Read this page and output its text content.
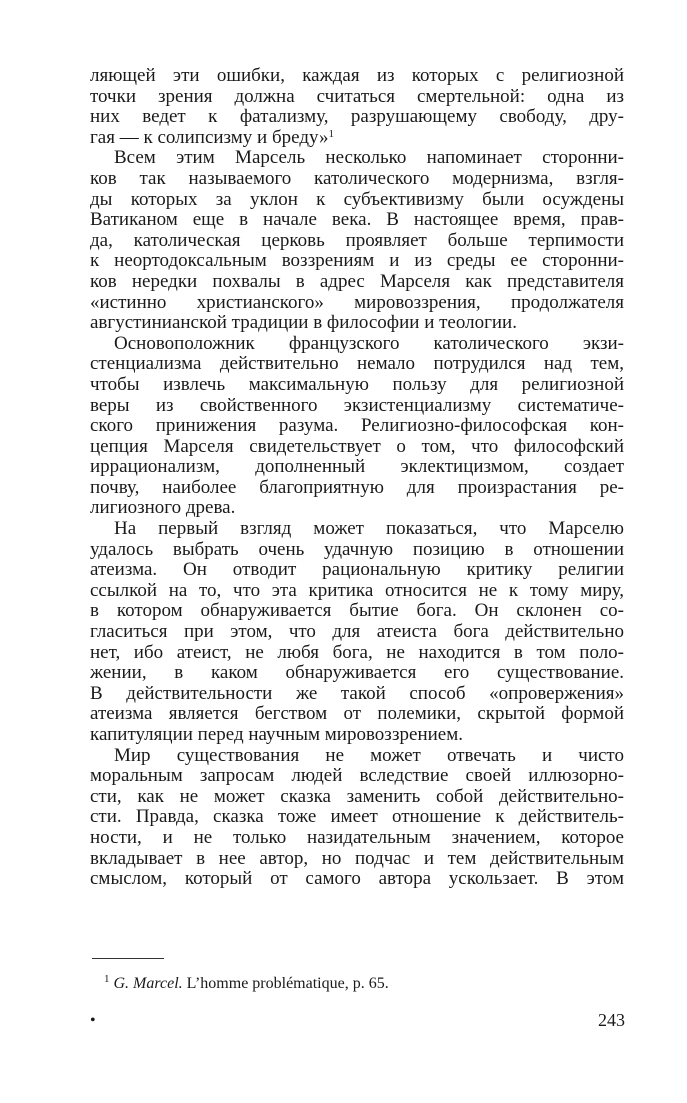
ляющей эти ошибки, каждая из которых с религиозной
точки зрения должна считаться смертельной: одна из
них ведет к фатализму, разрушающему свободу, дру-
гая — к солипсизму и бреду»$^1$
Всем этим Марсель несколько напоминает сторонни-
ков так называемого католического модернизма, взгля-
ды которых за уклон к субъективизму были осуждены
Ватиканом еще в начале века. В настоящее время, прав-
да, католическая церковь проявляет больше терпимости
к неортодоксальным воззрениям и из среды ее сторонни-
ков нередки похвалы в адрес Марселя как представителя
«истинно христианского» мировоззрения, продолжателя
августинианской традиции в философии и теологии.
Основоположник французского католического экзи-
стенциализма действительно немало потрудился над тем,
чтобы извлечь максимальную пользу для религиозной
веры из свойственного экзистенциализму систематиче-
ского принижения разума. Религиозно-философская кон-
цепция Марселя свидетельствует о том, что философский
иррационализм, дополненный эклектицизмом, создает
почву, наиболее благоприятную для произрастания ре-
лигиозного древа.
На первый взгляд может показаться, что Марселю
удалось выбрать очень удачную позицию в отношении
атеизма. Он отводит рациональную критику религии
ссылкой на то, что эта критика относится не к тому миру,
в котором обнаруживается бытие бога. Он склонен со-
гласиться при этом, что для атеиста бога действительно
нет, ибо атеист, не любя бога, не находится в том поло-
жении, в каком обнаруживается его существование.
В действительности же такой способ «опровержения»
атеизма является бегством от полемики, скрытой формой
капитуляции перед научным мировоззрением.
Мир существования не может отвечать и чисто
моральным запросам людей вследствие своей иллюзорно-
сти, как не может сказка заменить собой действительно-
сти. Правда, сказка тоже имеет отношение к действитель-
ности, и не только назидательным значением, которое
вкладывает в нее автор, но подчас и тем действительным
смыслом, который от самого автора ускользает. В этом
$^1$ G. Marcel. L’homme problématique, p. 65.
•	243
